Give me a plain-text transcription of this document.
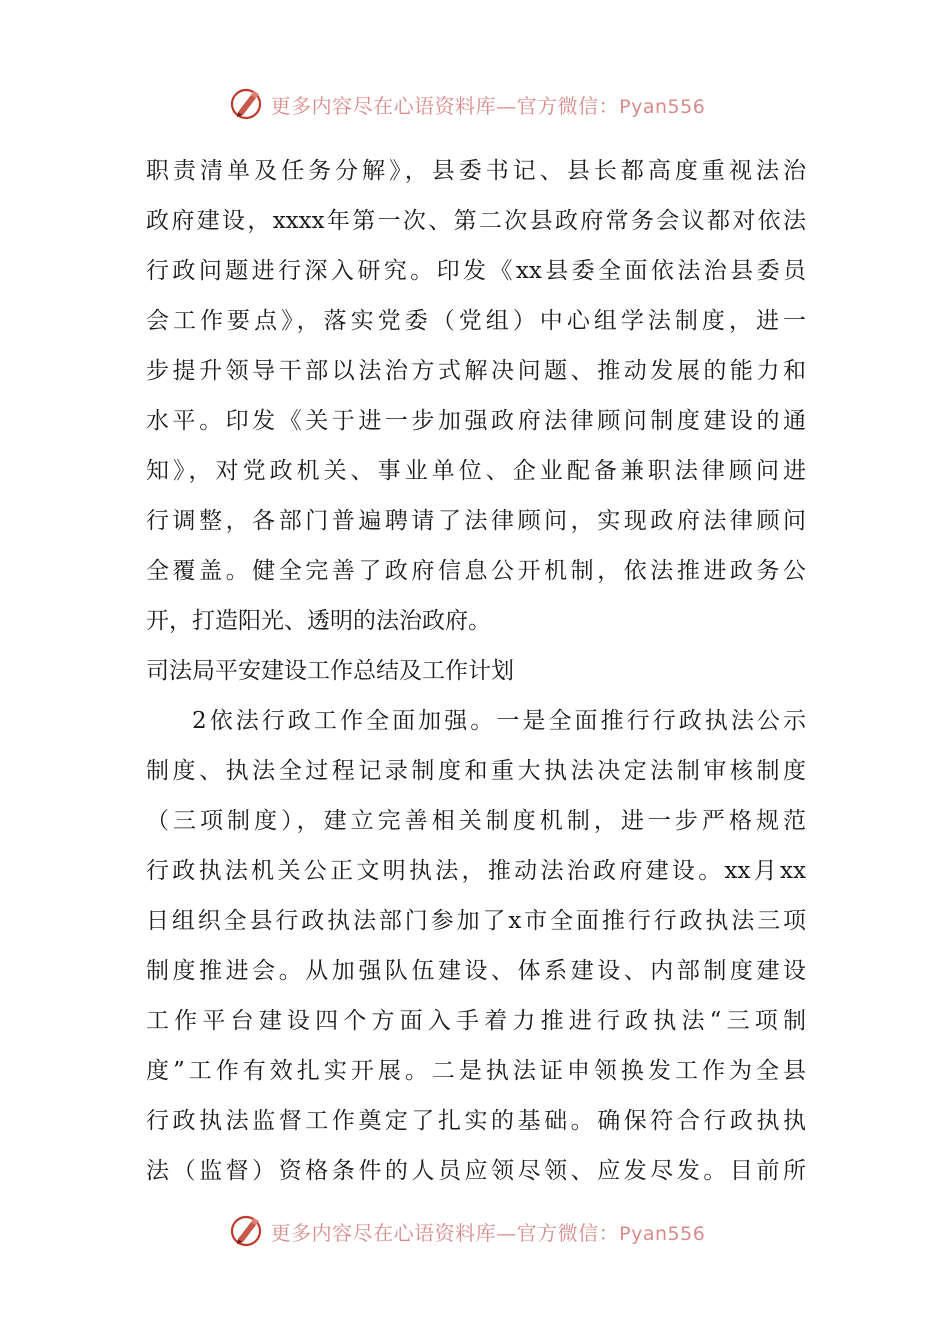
更多内容尽在心语资料库—官方微信：Pyan556
职责清单及任务分解》，县委书记、县长都高度重视法治
政府建设，xxxx年第一次、第二次县政府常务会议都对依法
行政问题进行深入研究。印发《xx县委全面依法治县委员
会工作要点》，落实党委（党组）中心组学法制度，进一
步提升领导干部以法治方式解决问题、推动发展的能力和
水平。印发《关于进一步加强政府法律顾问制度建设的通
知》，对党政机关、事业单位、企业配备兼职法律顾问进
行调整，各部门普遍聘请了法律顾问，实现政府法律顾问
全覆盖。健全完善了政府信息公开机制，依法推进政务公
开，打造阳光、透明的法治政府。
司法局平安建设工作总结及工作计划
2依法行政工作全面加强。一是全面推行行政执法公示
制度、执法全过程记录制度和重大执法决定法制审核制度
（三项制度），建立完善相关制度机制，进一步严格规范
行政执法机关公正文明执法，推动法治政府建设。xx月xx
日组织全县行政执法部门参加了x市全面推行行政执法三项
制度推进会。从加强队伍建设、体系建设、内部制度建设
工作平台建设四个方面入手着力推进行政执法“三项制
度”工作有效扎实开展。二是执法证申领换发工作为全县
行政执法监督工作奠定了扎实的基础。确保符合行政执执
法（监督）资格条件的人员应领尽领、应发尽发。目前所
更多内容尽在心语资料库—官方微信：Pyan556
